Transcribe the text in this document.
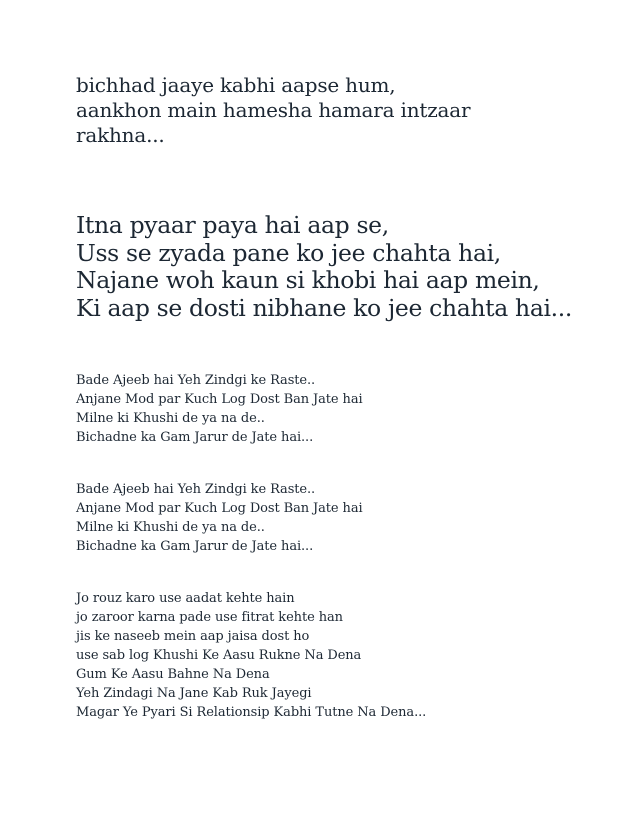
bichhad jaaye kabhi aapse hum,
aankhon main hamesha hamara intzaar rakhna...
Itna pyaar paya hai aap se,
Uss se zyada pane ko jee chahta hai,
Najane woh kaun si khobi hai aap mein,
Ki aap se dosti nibhane ko jee chahta hai...
Bade Ajeeb hai Yeh Zindgi ke Raste..
Anjane Mod par Kuch Log Dost Ban Jate hai
Milne ki Khushi de ya na de..
Bichadne ka Gam Jarur de Jate hai...
Bade Ajeeb hai Yeh Zindgi ke Raste..
Anjane Mod par Kuch Log Dost Ban Jate hai
Milne ki Khushi de ya na de..
Bichadne ka Gam Jarur de Jate hai...
Jo rouz karo use aadat kehte hain
jo zaroor karna pade use fitrat kehte han
jis ke naseeb mein aap jaisa dost ho
use sab log Khushi Ke Aasu Rukne Na Dena
Gum Ke Aasu Bahne Na Dena
Yeh Zindagi Na Jane Kab Ruk Jayegi
Magar Ye Pyari Si Relationsip Kabhi Tutne Na Dena...
